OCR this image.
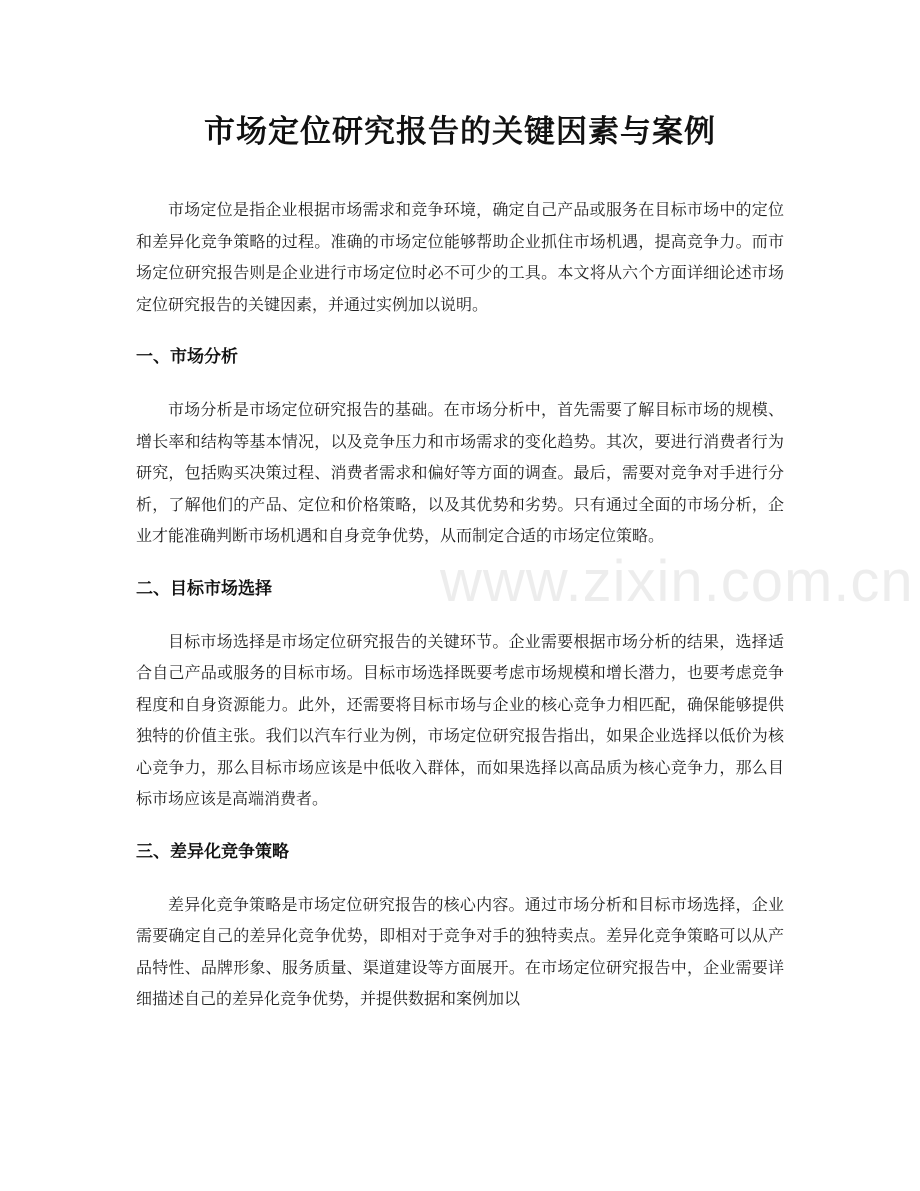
市场定位研究报告的关键因素与案例

市场定位是指企业根据市场需求和竞争环境，确定自己产品或服务在目标市场中的定位和差异化竞争策略的过程。准确的市场定位能够帮助企业抓住市场机遇，提高竞争力。而市场定位研究报告则是企业进行市场定位时必不可少的工具。本文将从六个方面详细论述市场定位研究报告的关键因素，并通过实例加以说明。

一、市场分析

市场分析是市场定位研究报告的基础。在市场分析中，首先需要了解目标市场的规模、增长率和结构等基本情况，以及竞争压力和市场需求的变化趋势。其次，要进行消费者行为研究，包括购买决策过程、消费者需求和偏好等方面的调查。最后，需要对竞争对手进行分析，了解他们的产品、定位和价格策略，以及其优势和劣势。只有通过全面的市场分析，企业才能准确判断市场机遇和自身竞争优势，从而制定合适的市场定位策略。

二、目标市场选择

目标市场选择是市场定位研究报告的关键环节。企业需要根据市场分析的结果，选择适合自己产品或服务的目标市场。目标市场选择既要考虑市场规模和增长潜力，也要考虑竞争程度和自身资源能力。此外，还需要将目标市场与企业的核心竞争力相匹配，确保能够提供独特的价值主张。我们以汽车行业为例，市场定位研究报告指出，如果企业选择以低价为核心竞争力，那么目标市场应该是中低收入群体，而如果选择以高品质为核心竞争力，那么目标市场应该是高端消费者。

三、差异化竞争策略

差异化竞争策略是市场定位研究报告的核心内容。通过市场分析和目标市场选择，企业需要确定自己的差异化竞争优势，即相对于竞争对手的独特卖点。差异化竞争策略可以从产品特性、品牌形象、服务质量、渠道建设等方面展开。在市场定位研究报告中，企业需要详细描述自己的差异化竞争优势，并提供数据和案例加以

www.zixin.com.cn
